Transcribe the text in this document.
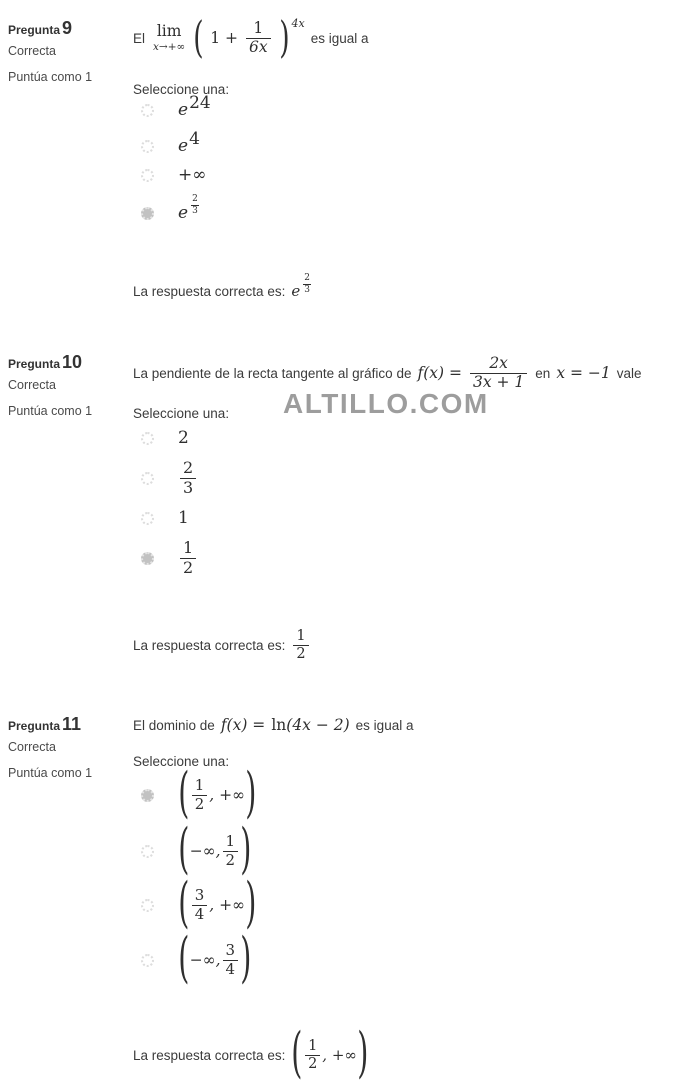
Pregunta 9
Correcta
Puntúa como 1
El lim
x→+∞ ( $1 + \frac{1}{6x}$ ) 4x
es igual a
Seleccione una:
e 24
e 4
+∞
e $\frac{2}{3}$
La respuesta correcta es: e $\frac{2}{3}$
Pregunta 10
Correcta
Puntúa como 1
La pendiente de la recta tangente al gráfico de $f(x) = \frac{2x}{3x + 1}$ en x = −1 vale
ALTILLO.COM
Seleccione una:
2
$\frac{2}{3}$
1
$\frac{1}{2}$
La respuesta correcta es: $\frac{1}{2}$
Pregunta 11
Correcta
Puntúa como 1
El dominio de f(x) = ln (4x − 2) es igual a
Seleccione una:
( $\frac{1}{2}$ , +∞ )
( −∞, $\frac{1}{2}$ )
( $\frac{3}{4}$ , +∞ )
( −∞, $\frac{3}{4}$ )
La respuesta correcta es: ( $\frac{1}{2}$ , +∞ )
